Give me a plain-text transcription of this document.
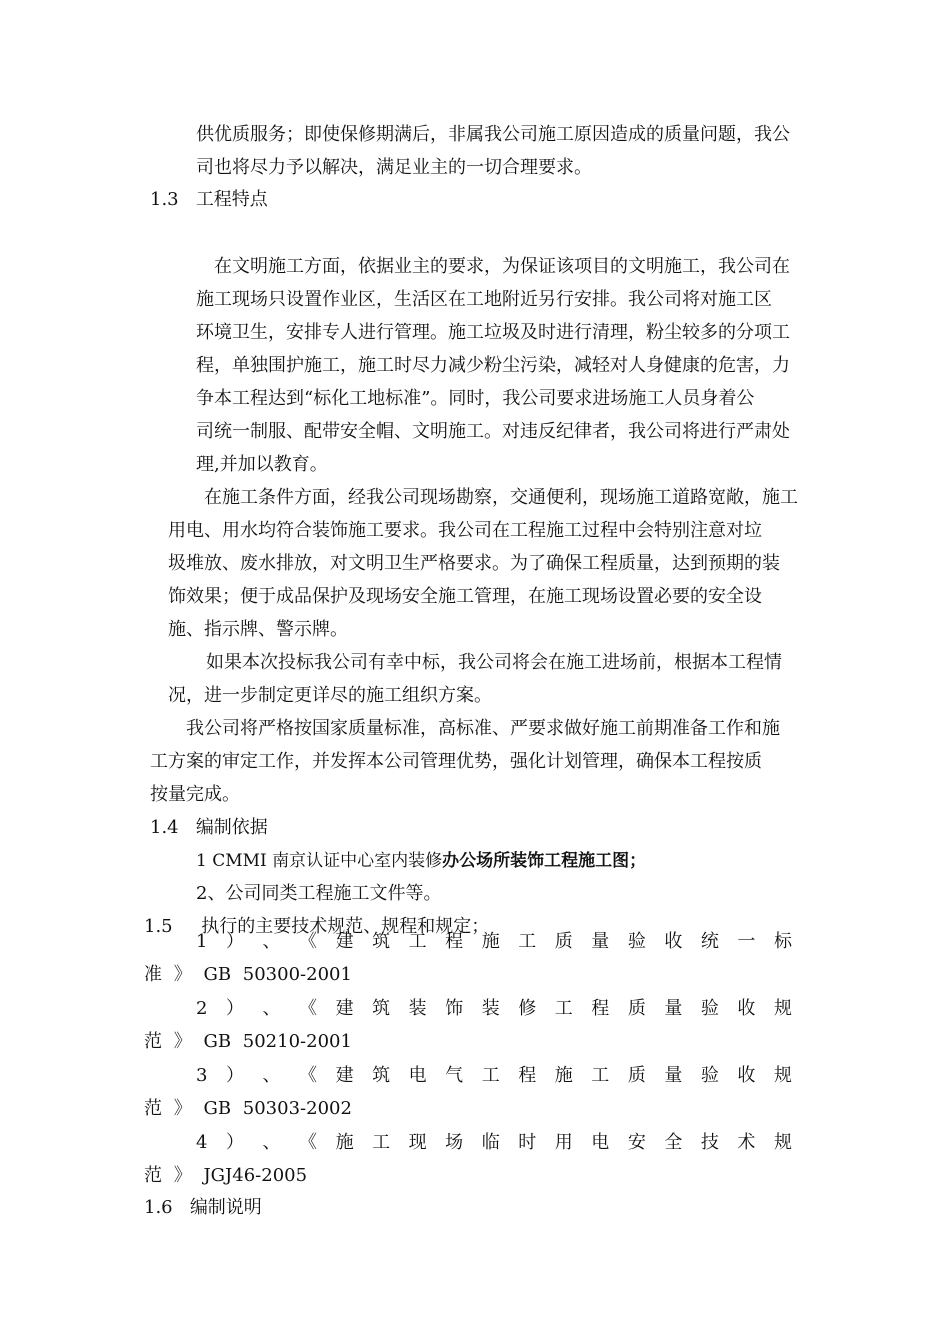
供优质服务；即使保修期满后，非属我公司施工原因造成的质量问题，我公
司也将尽力予以解决，满足业主的一切合理要求。
1.3 工程特点
在文明施工方面，依据业主的要求，为保证该项目的文明施工，我公司在
施工现场只设置作业区，生活区在工地附近另行安排。我公司将对施工区
环境卫生，安排专人进行管理。施工垃圾及时进行清理，粉尘较多的分项工
程，单独围护施工，施工时尽力减少粉尘污染，减轻对人身健康的危害，力
争本工程达到“标化工地标准”。同时，我公司要求进场施工人员身着公
司统一制服、配带安全帽、文明施工。对违反纪律者，我公司将进行严肃处
理,并加以教育。
在施工条件方面，经我公司现场勘察，交通便利，现场施工道路宽敞，施工
用电、用水均符合装饰施工要求。我公司在工程施工过程中会特别注意对垃
圾堆放、废水排放，对文明卫生严格要求。为了确保工程质量，达到预期的装
饰效果；便于成品保护及现场安全施工管理，在施工现场设置必要的安全设
施、指示牌、警示牌。
如果本次投标我公司有幸中标，我公司将会在施工进场前，根据本工程情
况，进一步制定更详尽的施工组织方案。
我公司将严格按国家质量标准，高标准、严要求做好施工前期准备工作和施
工方案的审定工作，并发挥本公司管理优势，强化计划管理，确保本工程按质
按量完成。
1.4 编制依据
1 CMMI 南京认证中心室内装修办公场所装饰工程施工图；
2、公司同类工程施工文件等。
1.5 执行的主要技术规范、规程和规定；
1 ） 、 《 建 筑 工 程 施 工 质 量 验 收 统 一 标
准 》 GB 50300-2001
2 ） 、 《 建 筑 装 饰 装 修 工 程 质 量 验 收 规
范 》 GB 50210-2001
3 ） 、 《 建 筑 电 气 工 程 施 工 质 量 验 收 规
范 》 GB 50303-2002
4 ） 、 《 施 工 现 场 临 时 用 电 安 全 技 术 规
范 》 JGJ46-2005
1.6 编制说明
